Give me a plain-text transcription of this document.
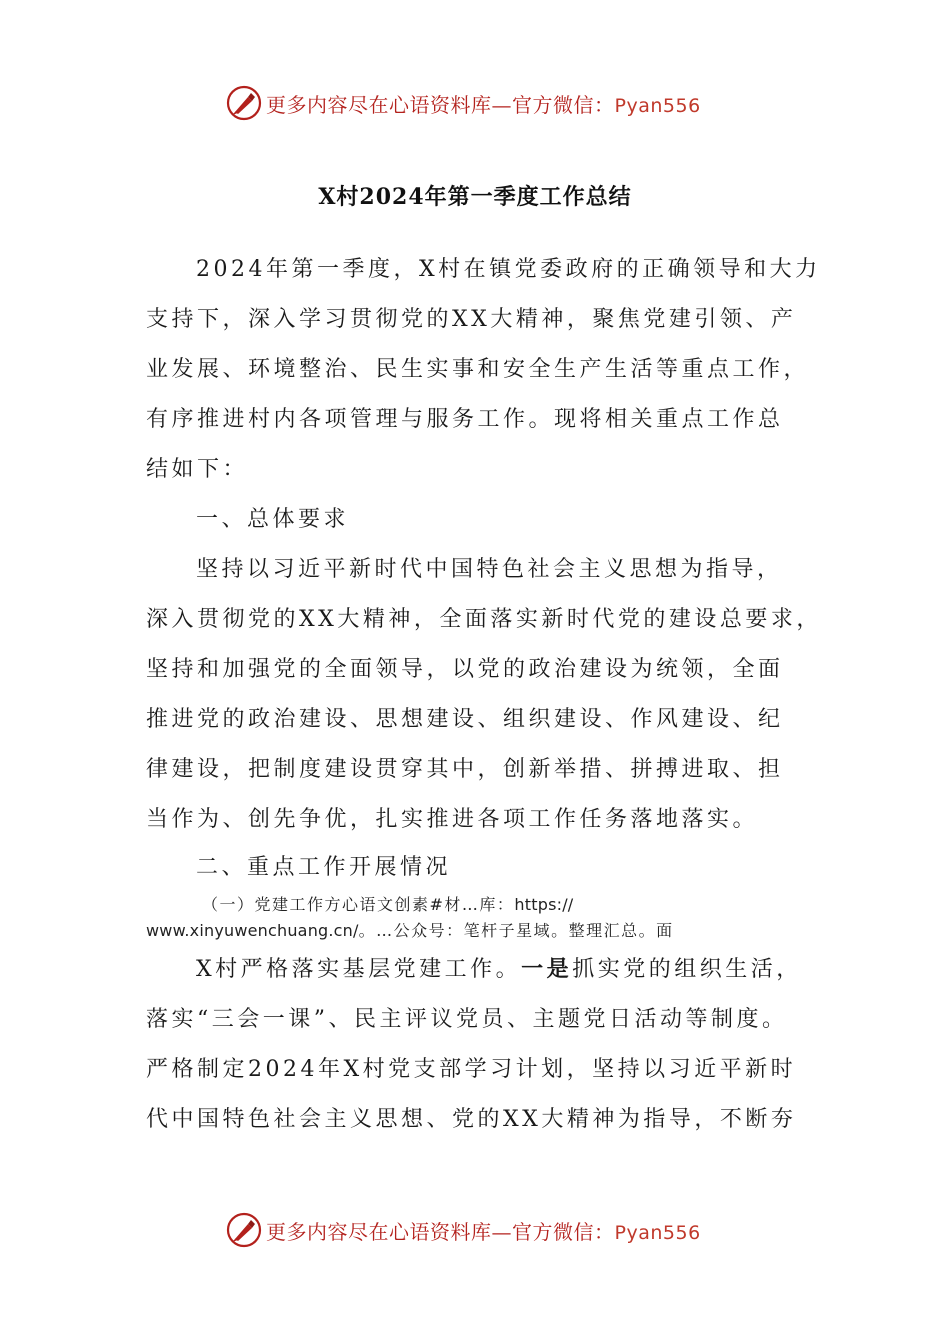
更多内容尽在心语资料库—官方微信：Pyan556
X村2024年第一季度工作总结
2024年第一季度，X村在镇党委政府的正确领导和大力
支持下，深入学习贯彻党的XX大精神，聚焦党建引领、产
业发展、环境整治、民生实事和安全生产生活等重点工作，
有序推进村内各项管理与服务工作。现将相关重点工作总
结如下：
一、总体要求
坚持以习近平新时代中国特色社会主义思想为指导，
深入贯彻党的XX大精神，全面落实新时代党的建设总要求，
坚持和加强党的全面领导，以党的政治建设为统领，全面
推进党的政治建设、思想建设、组织建设、作风建设、纪
律建设，把制度建设贯穿其中，创新举措、拼搏进取、担
当作为、创先争优，扎实推进各项工作任务落地落实。
二、重点工作开展情况
（一）党建工作方心语文创素#材…库：https://
www.xinyuwenchuang.cn/。…公众号：笔杆子星域。整理汇总。面
X村严格落实基层党建工作。一是抓实党的组织生活，
落实“三会一课”、民主评议党员、主题党日活动等制度。
严格制定2024年X村党支部学习计划，坚持以习近平新时
代中国特色社会主义思想、党的XX大精神为指导，不断夯
更多内容尽在心语资料库—官方微信：Pyan556
